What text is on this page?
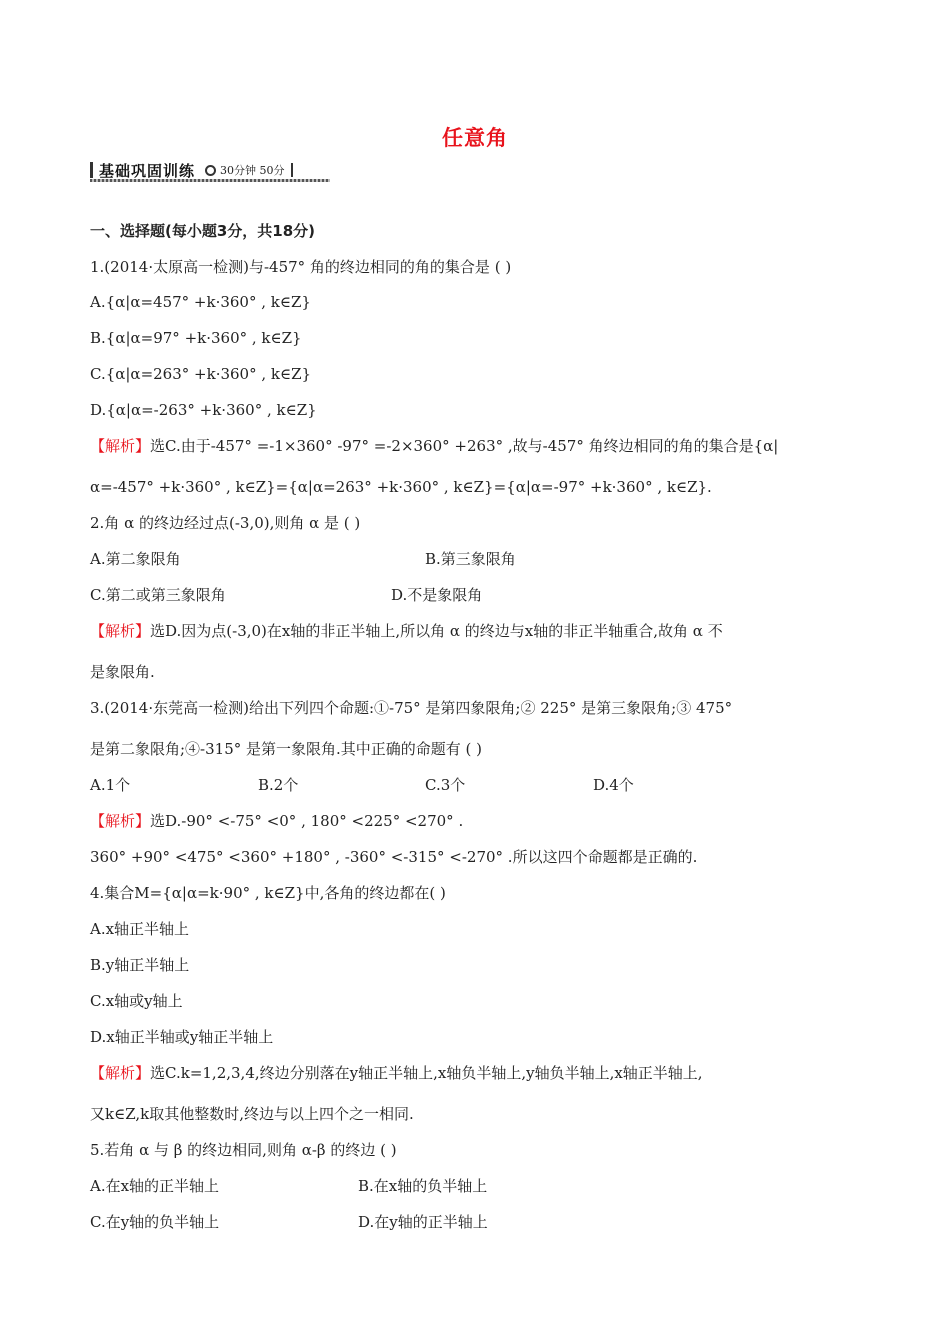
任意角
基础巩固训练 30分钟 50分
一、选择题(每小题3分，共18分)
1.(2014·太原高一检测)与-457° 角的终边相同的角的集合是 ( )
A.{α|α=457° +k·360° , k∈Z}
B.{α|α=97° +k·360° , k∈Z}
C.{α|α=263° +k·360° , k∈Z}
D.{α|α=-263° +k·360° , k∈Z}
【解析】选C.由于-457° =-1×360° -97° =-2×360° +263° ,故与-457° 角终边相同的角的集合是{α|
α=-457° +k·360° , k∈Z}={α|α=263° +k·360° , k∈Z}={α|α=-97° +k·360° , k∈Z}.
2.角 α 的终边经过点(-3,0),则角 α 是 ( )
A.第二象限角	B.第三象限角
C.第二或第三象限角	D.不是象限角
【解析】选D.因为点(-3,0)在x轴的非正半轴上,所以角 α 的终边与x轴的非正半轴重合,故角 α 不
是象限角.
3.(2014·东莞高一检测)给出下列四个命题:①-75° 是第四象限角;② 225° 是第三象限角;③ 475°
是第二象限角;④-315° 是第一象限角.其中正确的命题有 ( )
A.1个	B.2个	C.3个	D.4个
【解析】选D.-90° <-75° <0° , 180° <225° <270° .
360° +90° <475° <360° +180° , -360° <-315° <-270° .所以这四个命题都是正确的.
4.集合M={α|α=k·90° , k∈Z}中,各角的终边都在( )
A.x轴正半轴上
B.y轴正半轴上
C.x轴或y轴上
D.x轴正半轴或y轴正半轴上
【解析】选C.k=1,2,3,4,终边分别落在y轴正半轴上,x轴负半轴上,y轴负半轴上,x轴正半轴上,
又k∈Z,k取其他整数时,终边与以上四个之一相同.
5.若角 α 与 β 的终边相同,则角 α-β 的终边 ( )
A.在x轴的正半轴上	B.在x轴的负半轴上
C.在y轴的负半轴上	D.在y轴的正半轴上
